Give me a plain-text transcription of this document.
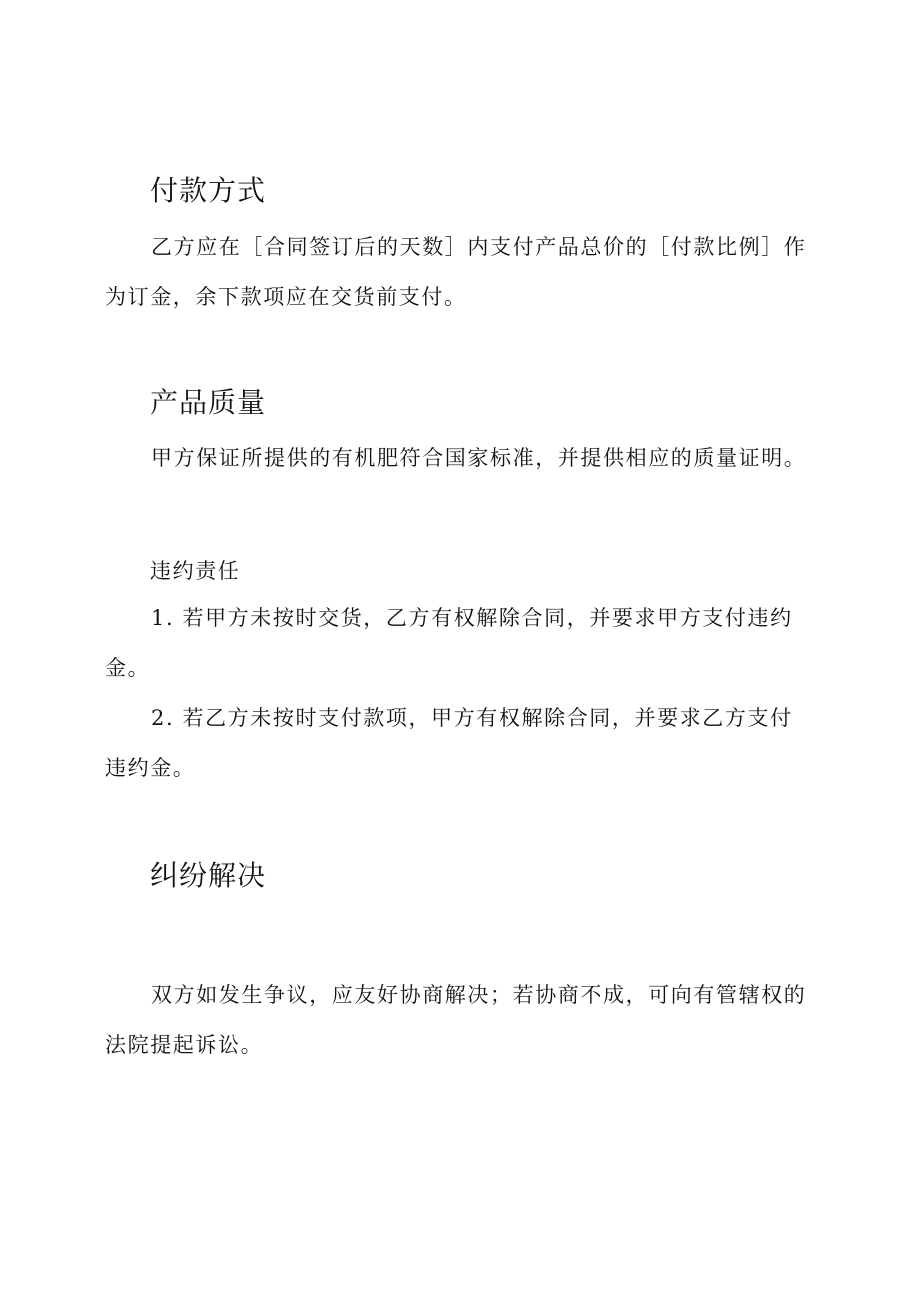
付款方式

乙方应在［合同签订后的天数］内支付产品总价的［付款比例］作为订金，余下款项应在交货前支付。

产品质量

甲方保证所提供的有机肥符合国家标准，并提供相应的质量证明。

违约责任

1. 若甲方未按时交货，乙方有权解除合同，并要求甲方支付违约金。

2. 若乙方未按时支付款项，甲方有权解除合同，并要求乙方支付违约金。

纠纷解决

双方如发生争议，应友好协商解决；若协商不成，可向有管辖权的法院提起诉讼。
